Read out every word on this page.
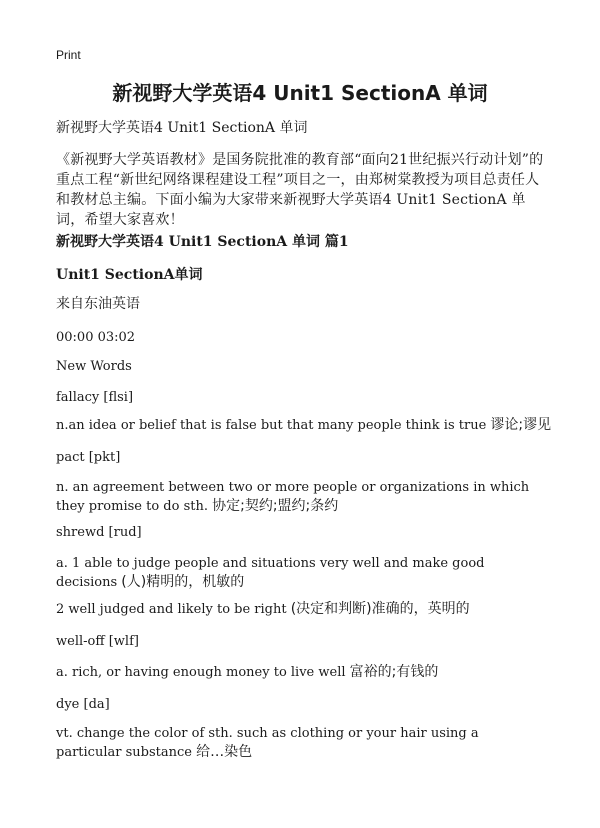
Print
新视野大学英语4 Unit1 SectionA 单词
新视野大学英语4 Unit1 SectionA 单词
《新视野大学英语教材》是国务院批准的教育部“面向21世纪振兴行动计划”的重点工程“新世纪网络课程建设工程”项目之一，由郑树棠教授为项目总责任人和教材总主编。下面小编为大家带来新视野大学英语4 Unit1 SectionA 单词，希望大家喜欢！
新视野大学英语4 Unit1 SectionA 单词 篇1
Unit1 SectionA单词
来自东油英语
00:00 03:02
New Words
fallacy [flsi]
n.an idea or belief that is false but that many people think is true 谬论;谬见
pact [pkt]
n. an agreement between two or more people or organizations in which they promise to do sth. 协定;契约;盟约;条约
shrewd [rud]
a. 1 able to judge people and situations very well and make good decisions (人)精明的，机敏的
2 well judged and likely to be right (决定和判断)准确的，英明的
well-off [wlf]
a. rich, or having enough money to live well 富裕的;有钱的
dye [da]
vt. change the color of sth. such as clothing or your hair using a particular substance 给…染色
